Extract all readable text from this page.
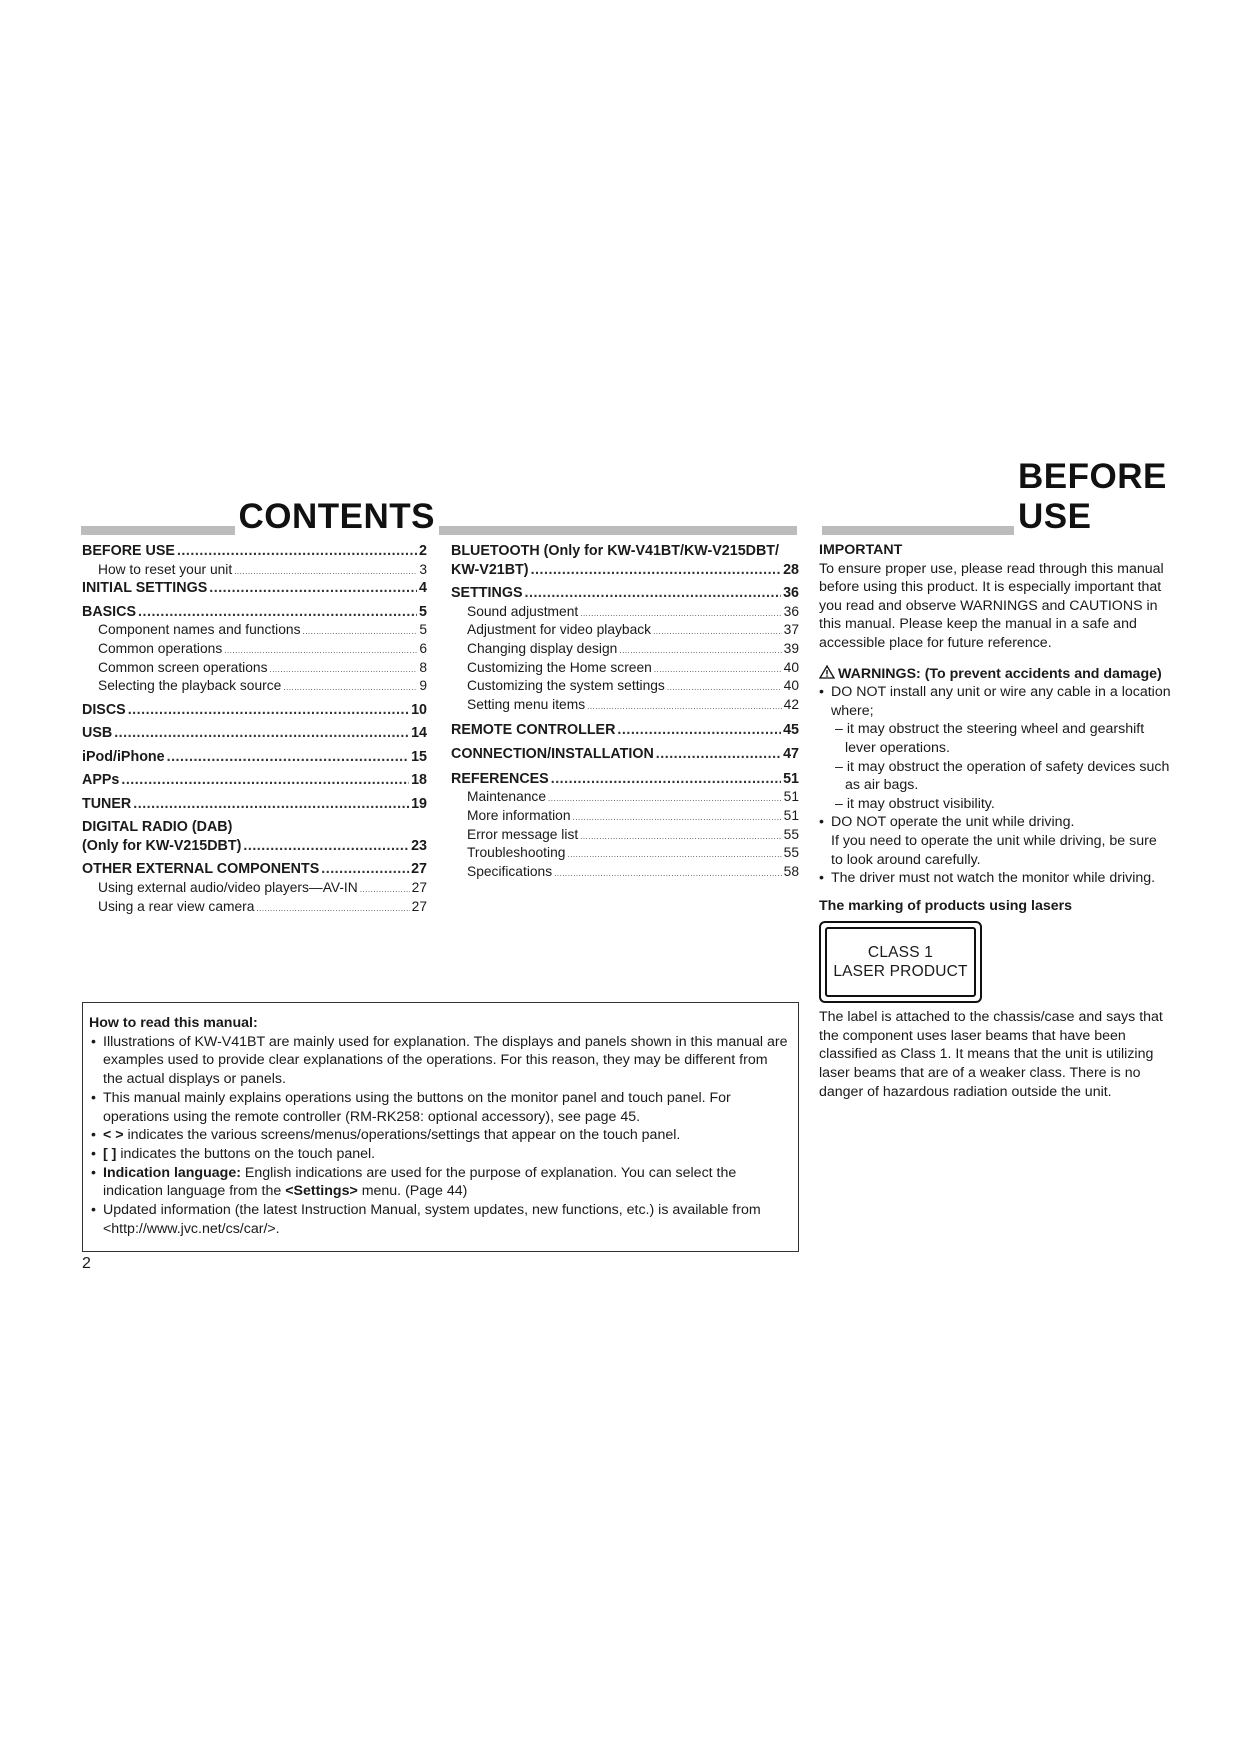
CONTENTS
BEFORE USE
BEFORE USE .....	2
How to reset your unit .....	3
INITIAL SETTINGS .....	4
BASICS .....	5
Component names and functions .....	5
Common operations .....	6
Common screen operations .....	8
Selecting the playback source .....	9
DISCS .....	10
USB .....	14
iPod/iPhone .....	15
APPs .....	18
TUNER .....	19
DIGITAL RADIO (DAB)
(Only for KW-V215DBT) .....	23
OTHER EXTERNAL COMPONENTS .....	27
Using external audio/video players—AV-IN .....	27
Using a rear view camera .....	27
BLUETOOTH (Only for KW-V41BT/KW-V215DBT/
KW-V21BT) .....	28
SETTINGS .....	36
Sound adjustment .....	36
Adjustment for video playback .....	37
Changing display design .....	39
Customizing the Home screen .....	40
Customizing the system settings .....	40
Setting menu items .....	42
REMOTE CONTROLLER .....	45
CONNECTION/INSTALLATION .....	47
REFERENCES .....	51
Maintenance .....	51
More information .....	51
Error message list .....	55
Troubleshooting .....	55
Specifications .....	58

IMPORTANT

To ensure proper use, please read through this manual before using this product. It is especially important that you read and observe WARNINGS and CAUTIONS in this manual. Please keep the manual in a safe and accessible place for future reference.

WARNINGS: (To prevent accidents and damage)

• DO NOT install any unit or wire any cable in a location where;
– it may obstruct the steering wheel and gearshift lever operations.
– it may obstruct the operation of safety devices such as air bags.
– it may obstruct visibility.
• DO NOT operate the unit while driving.
If you need to operate the unit while driving, be sure to look around carefully.
• The driver must not watch the monitor while driving.

The marking of products using lasers

CLASS 1
LASER PRODUCT

The label is attached to the chassis/case and says that the component uses laser beams that have been classified as Class 1. It means that the unit is utilizing laser beams that are of a weaker class. There is no danger of hazardous radiation outside the unit.

How to read this manual:

• Illustrations of KW-V41BT are mainly used for explanation. The displays and panels shown in this manual are examples used to provide clear explanations of the operations. For this reason, they may be different from the actual displays or panels.
• This manual mainly explains operations using the buttons on the monitor panel and touch panel. For operations using the remote controller (RM-RK258: optional accessory), see page 45.
• < > indicates the various screens/menus/operations/settings that appear on the touch panel.
• [ ] indicates the buttons on the touch panel.
• Indication language: English indications are used for the purpose of explanation. You can select the indication language from the <Settings> menu. (Page 44)
• Updated information (the latest Instruction Manual, system updates, new functions, etc.) is available from <http://www.jvc.net/cs/car/>.
2
